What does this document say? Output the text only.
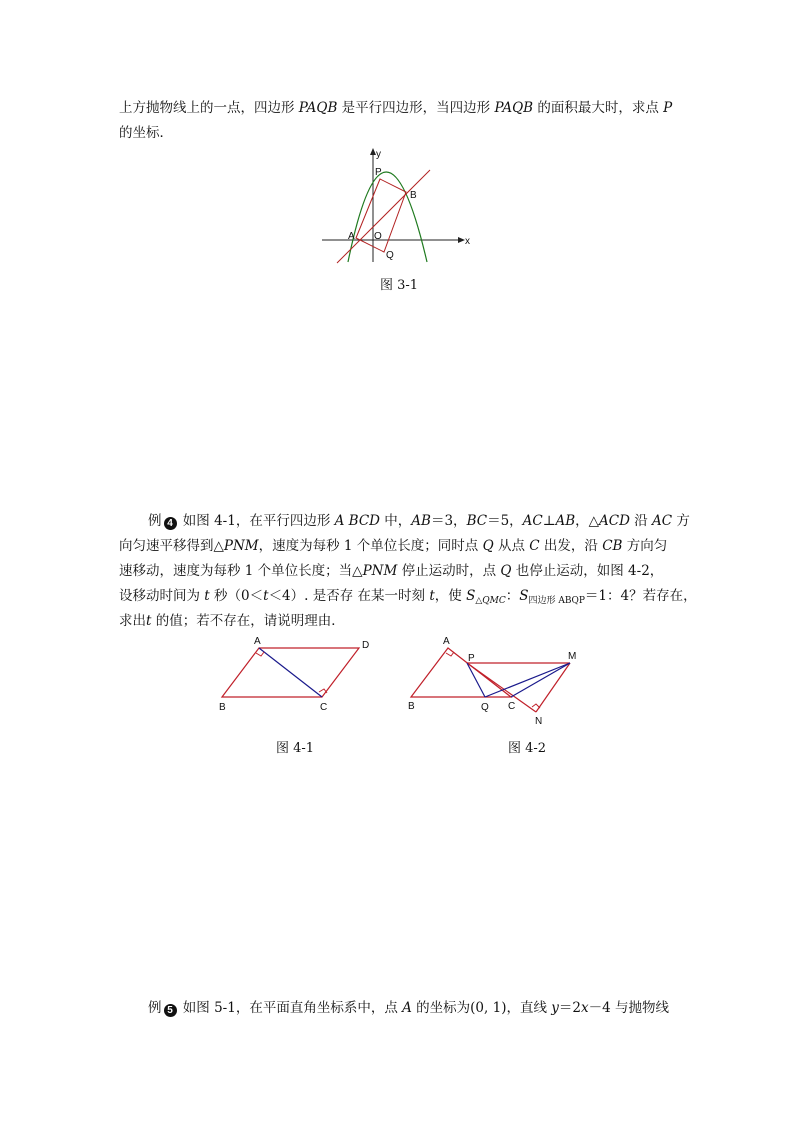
上方抛物线上的一点，四边形 PAQB 是平行四边形，当四边形 PAQB 的面积最大时，求点 P
的坐标．
y
x
P
B
A O
Q
图 3-1
例 4 如图 4-1，在平行四边形 A BCD 中，AB＝3，BC＝5，AC⊥AB，△ACD 沿 AC 方
向匀速平移得到△PNM，速度为每秒 1 个单位长度；同时点 Q 从点 C 出发，沿 CB 方向匀
速移动，速度为每秒 1 个单位长度；当△PNM 停止运动时，点 Q 也停止运动，如图 4-2，
设移动时间为 t 秒（0＜t＜4）. 是否存 在某一时刻 t，使 $S_{\triangle QMC}$：$S_{四边形 ABQP}=1$：4？若存在，
求出t 的值；若不存在，请说明理由．
A	D
B	C
图 4-1
A
P	M
B	Q C
N
图 4-2
例 5 如图 5-1，在平面直角坐标系中，点 A 的坐标为(0, 1)，直线 y＝2x－4 与抛物线
